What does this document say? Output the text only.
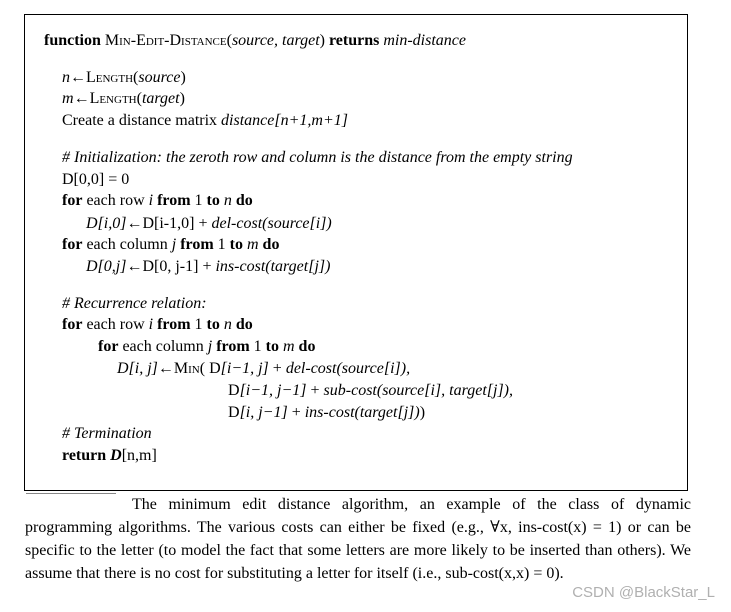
function Min-Edit-Distance(source, target) returns min-distance
n←Length(source)
m←Length(target)
Create a distance matrix distance[n+1,m+1]
# Initialization: the zeroth row and column is the distance from the empty string
D[0,0] = 0
for each row i from 1 to n do
D[i,0]←D[i-1,0] + del-cost(source[i])
for each column j from 1 to m do
D[0,j]←D[0, j-1] + ins-cost(target[j])
# Recurrence relation:
for each row i from 1 to n do
for each column j from 1 to m do
D[i, j]←Min( D[i−1, j] + del-cost(source[i]),
D[i−1, j−1] + sub-cost(source[i], target[j]),
D[i, j−1] + ins-cost(target[j]))
# Termination
return D[n,m]
The minimum edit distance algorithm, an example of the class of dynamic programming algorithms. The various costs can either be fixed (e.g., ∀x, ins-cost(x) = 1) or can be specific to the letter (to model the fact that some letters are more likely to be inserted than others). We assume that there is no cost for substituting a letter for itself (i.e., sub-cost(x,x) = 0).
CSDN @BlackStar_L
